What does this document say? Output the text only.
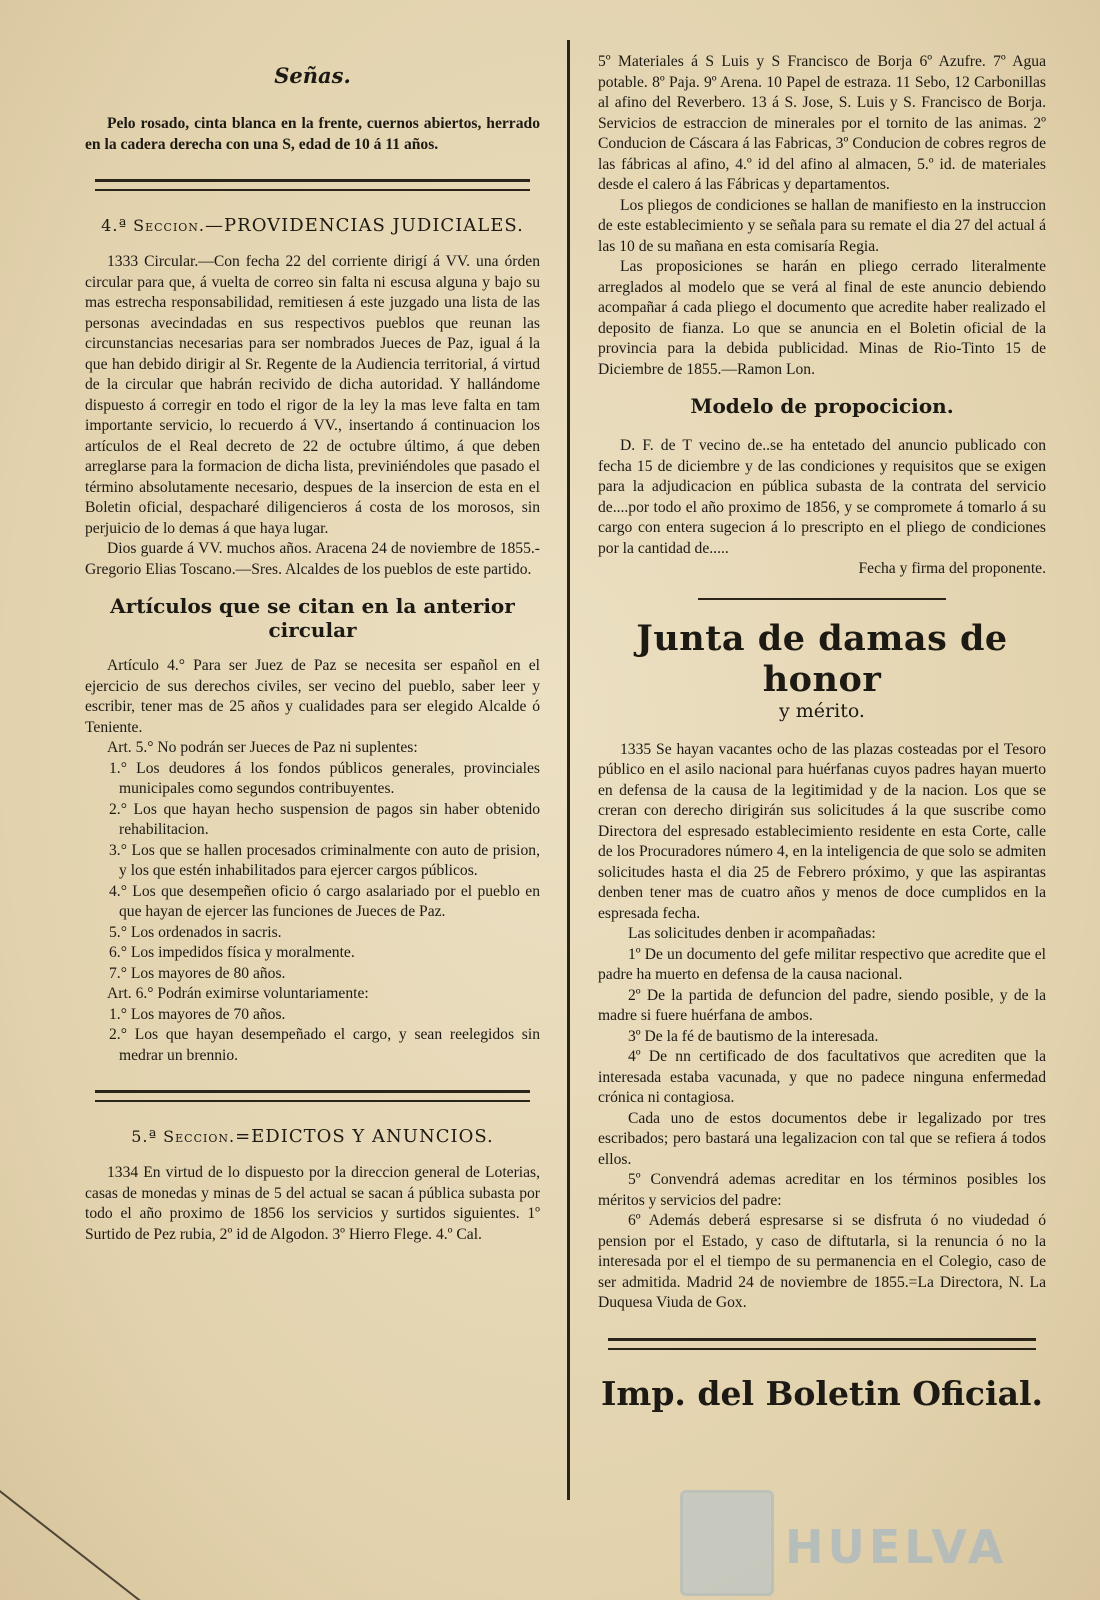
Señas.

Pelo rosado, cinta blanca en la frente, cuernos abiertos, herrado en la cadera derecha con una S, edad de 10 á 11 años.

4.ª Seccion.—PROVIDENCIAS JUDICIALES.

1333 Circular.—Con fecha 22 del corriente dirigí á VV. una órden circular para que, á vuelta de correo sin falta ni escusa alguna y bajo su mas estrecha responsabilidad, remitiesen á este juzgado una lista de las personas avecindadas en sus respectivos pueblos que reunan las circunstancias necesarias para ser nombrados Jueces de Paz, igual á la que han debido dirigir al Sr. Regente de la Audiencia territorial, á virtud de la circular que habrán recivido de dicha autoridad. Y hallándome dispuesto á corregir en todo el rigor de la ley la mas leve falta en tam importante servicio, lo recuerdo á VV., insertando á continuacion los artículos de el Real decreto de 22 de octubre último, á que deben arreglarse para la formacion de dicha lista, previniéndoles que pasado el término absolutamente necesario, despues de la insercion de esta en el Boletin oficial, despacharé diligencieros á costa de los morosos, sin perjuicio de lo demas á que haya lugar.

Dios guarde á VV. muchos años. Aracena 24 de noviembre de 1855.-Gregorio Elias Toscano.—Sres. Alcaldes de los pueblos de este partido.

Artículos que se citan en la anterior circular

Artículo 4.° Para ser Juez de Paz se necesita ser español en el ejercicio de sus derechos civiles, ser vecino del pueblo, saber leer y escribir, tener mas de 25 años y cualidades para ser elegido Alcalde ó Teniente.

Art. 5.° No podrán ser Jueces de Paz ni suplentes:

1.° Los deudores á los fondos públicos generales, provinciales municipales como segundos contribuyentes.

2.° Los que hayan hecho suspension de pagos sin haber obtenido rehabilitacion.

3.° Los que se hallen procesados criminalmente con auto de prision, y los que estén inhabilitados para ejercer cargos públicos.

4.° Los que desempeñen oficio ó cargo asalariado por el pueblo en que hayan de ejercer las funciones de Jueces de Paz.

5.° Los ordenados in sacris.

6.° Los impedidos física y moralmente.

7.° Los mayores de 80 años.

Art. 6.° Podrán eximirse voluntariamente:

1.° Los mayores de 70 años.

2.° Los que hayan desempeñado el cargo, y sean reelegidos sin medrar un brennio.

5.ª Seccion.=EDICTOS Y ANUNCIOS.

1334 En virtud de lo dispuesto por la direccion general de Loterias, casas de monedas y minas de 5 del actual se sacan á pública subasta por todo el año proximo de 1856 los servicios y surtidos siguientes. 1º Surtido de Pez rubia, 2º id de Algodon. 3º Hierro Flege. 4.º Cal.

5º Materiales á S Luis y S Francisco de Borja 6º Azufre. 7º Agua potable. 8º Paja. 9º Arena. 10 Papel de estraza. 11 Sebo, 12 Carbonillas al afino del Reverbero. 13 á S. Jose, S. Luis y S. Francisco de Borja. Servicios de estraccion de minerales por el tornito de las animas. 2º Conducion de Cáscara á las Fabricas, 3º Conducion de cobres regros de las fábricas al afino, 4.º id del afino al almacen, 5.º id. de materiales desde el calero á las Fábricas y departamentos.

Los pliegos de condiciones se hallan de manifiesto en la instruccion de este establecimiento y se señala para su remate el dia 27 del actual á las 10 de su mañana en esta comisaría Regia.

Las proposiciones se harán en pliego cerrado literalmente arreglados al modelo que se verá al final de este anuncio debiendo acompañar á cada pliego el documento que acredite haber realizado el deposito de fianza. Lo que se anuncia en el Boletin oficial de la provincia para la debida publicidad. Minas de Rio-Tinto 15 de Diciembre de 1855.—Ramon Lon.

Modelo de propocicion.

D. F. de T vecino de..se ha entetado del anuncio publicado con fecha 15 de diciembre y de las condiciones y requisitos que se exigen para la adjudicacion en pública subasta de la contrata del servicio de....por todo el año proximo de 1856, y se compromete á tomarlo á su cargo con entera sugecion á lo prescripto en el pliego de condiciones por la cantidad de.....

Fecha y firma del proponente.

Junta de damas de honor
y mérito.

1335 Se hayan vacantes ocho de las plazas costeadas por el Tesoro público en el asilo nacional para huérfanas cuyos padres hayan muerto en defensa de la causa de la legitimidad y de la nacion. Los que se creran con derecho dirigirán sus solicitudes á la que suscribe como Directora del espresado establecimiento residente en esta Corte, calle de los Procuradores número 4, en la inteligencia de que solo se admiten solicitudes hasta el dia 25 de Febrero próximo, y que las aspirantas denben tener mas de cuatro años y menos de doce cumplidos en la espresada fecha.

Las solicitudes denben ir acompañadas:

1º De un documento del gefe militar respectivo que acredite que el padre ha muerto en defensa de la causa nacional.

2º De la partida de defuncion del padre, siendo posible, y de la madre si fuere huérfana de ambos.

3º De la fé de bautismo de la interesada.

4º De nn certificado de dos facultativos que acrediten que la interesada estaba vacunada, y que no padece ninguna enfermedad crónica ni contagiosa.

Cada uno de estos documentos debe ir legalizado por tres escribados; pero bastará una legalizacion con tal que se refiera á todos ellos.

5º Convendrá ademas acreditar en los términos posibles los méritos y servicios del padre:

6º Además deberá espresarse si se disfruta ó no viudedad ó pension por el Estado, y caso de diftutarla, si la renuncia ó no la interesada por el el tiempo de su permanencia en el Colegio, caso de ser admitida. Madrid 24 de noviembre de 1855.=La Directora, N. La Duquesa Viuda de Gox.

Imp. del Boletin Oficial.
HUELVA
